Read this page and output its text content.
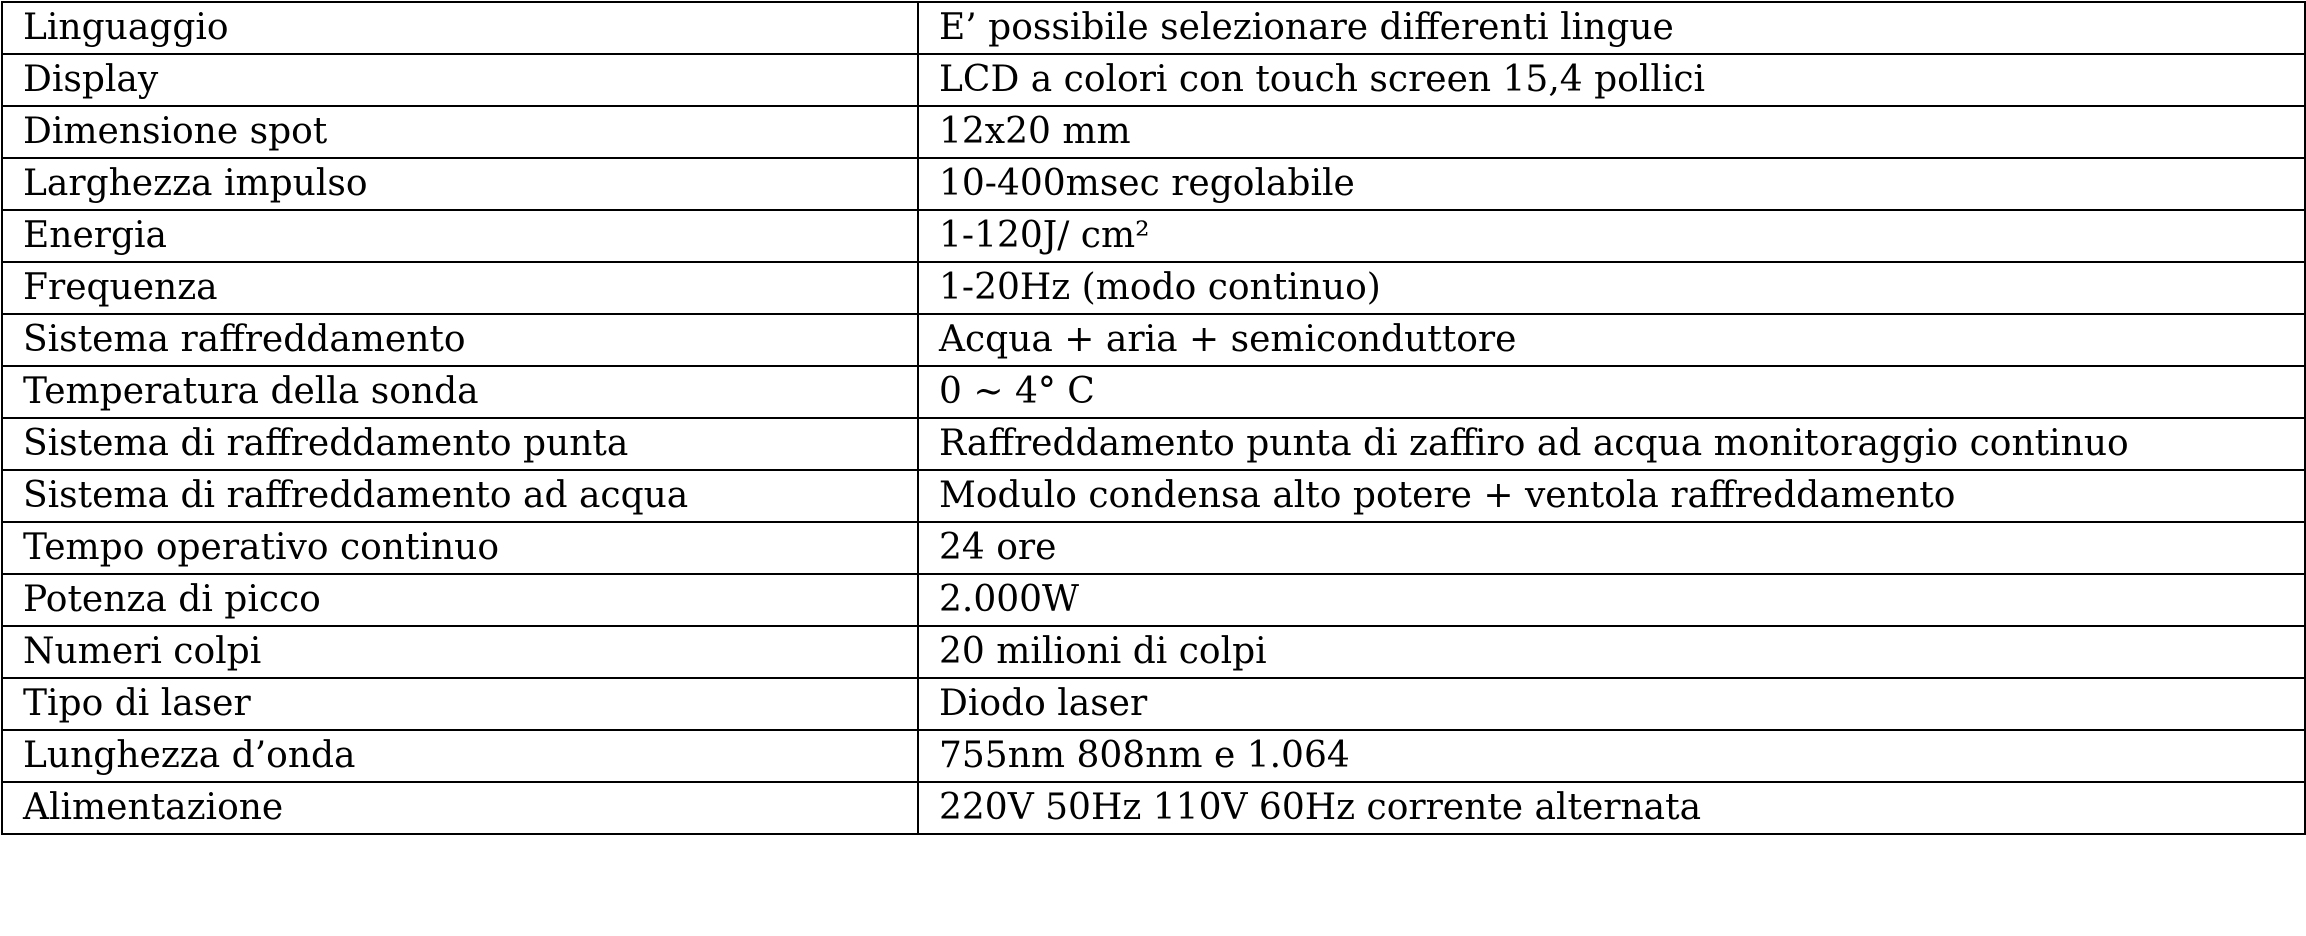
Linguaggio	E’ possibile selezionare differenti lingue
Display	LCD a colori con touch screen 15,4 pollici
Dimensione spot	12x20 mm
Larghezza impulso	10-400msec regolabile
Energia	1-120J/ cm²
Frequenza	1-20Hz (modo continuo)
Sistema raffreddamento	Acqua + aria + semiconduttore
Temperatura della sonda	0 ~ 4° C
Sistema di raffreddamento punta	Raffreddamento punta di zaffiro ad acqua monitoraggio continuo
Sistema di raffreddamento ad acqua	Modulo condensa alto potere + ventola raffreddamento
Tempo operativo continuo	24 ore
Potenza di picco	2.000W
Numeri colpi	20 milioni di colpi
Tipo di laser	Diodo laser
Lunghezza d’onda	755nm 808nm e 1.064
Alimentazione	220V 50Hz 110V 60Hz corrente alternata
